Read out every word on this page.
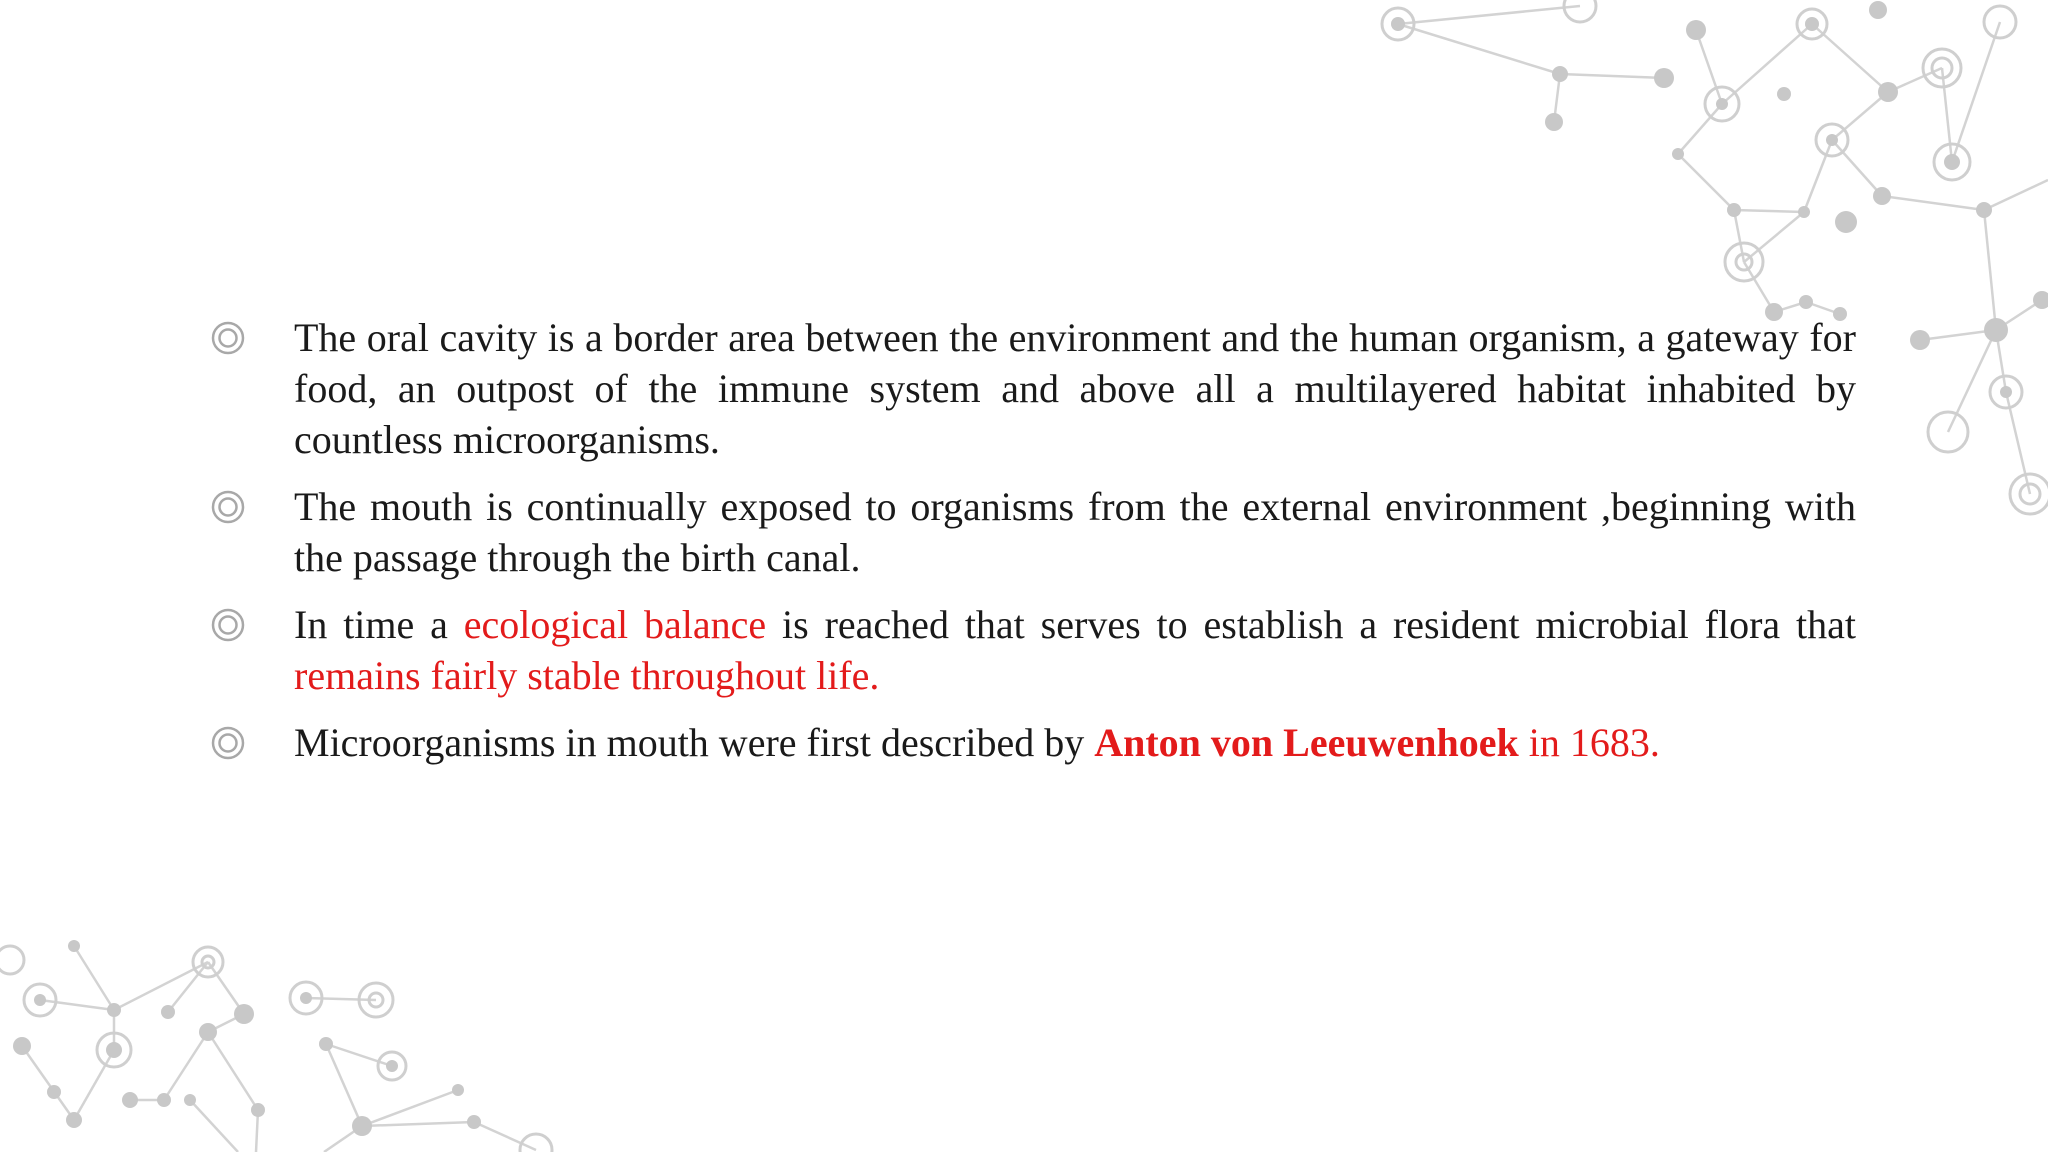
The oral cavity is a border area between the environment and the human organism, a gateway for food, an outpost of the immune system and above all a multilayered habitat inhabited by countless microorganisms.
The mouth is continually exposed to organisms from the external environment ,beginning with the passage through the birth canal.
In time a ecological balance is reached that serves to establish a resident microbial flora that remains fairly stable throughout life.
Microorganisms in mouth were first described by Anton von Leeuwenhoek in 1683.
